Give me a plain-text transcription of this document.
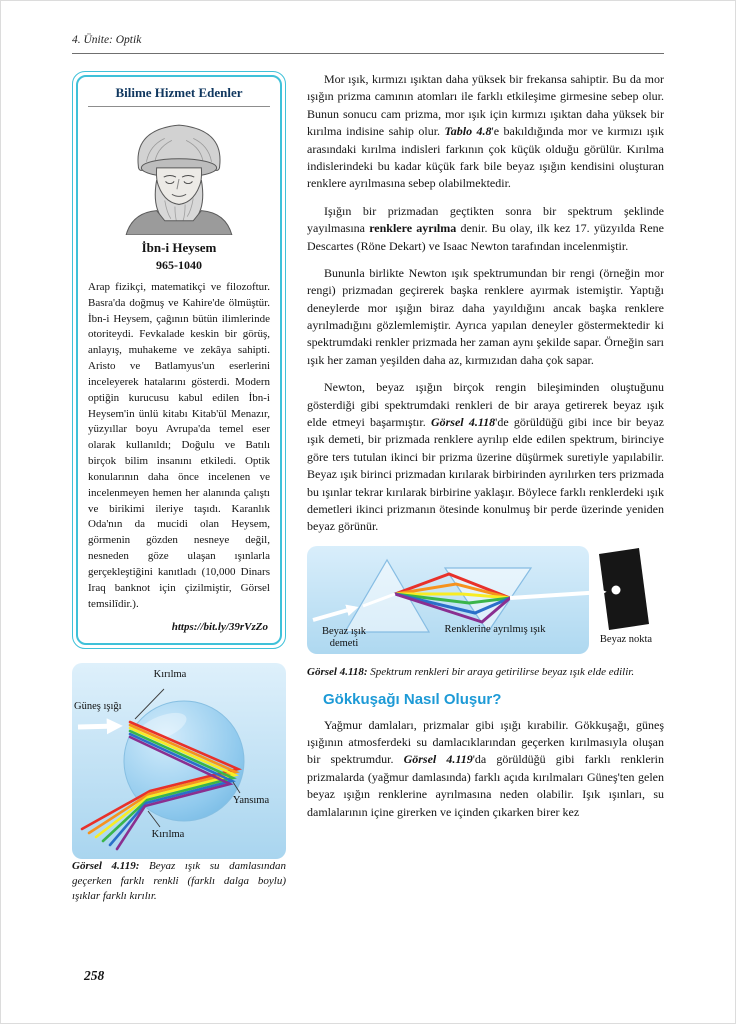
4. Ünite: Optik
Bilime Hizmet Edenler
İbn-i Heysem
965-1040
Arap fizikçi, matematikçi ve filozoftur. Basra'da doğmuş ve Kahire'de ölmüştür. İbn-i Heysem, çağının bütün ilimlerinde otoriteydi. Fevkalade keskin bir görüş, anlayış, muhakeme ve zekâya sahipti. Aristo ve Batlamyus'un eserlerini inceleyerek hatalarını gösterdi. Modern optiğin kurucusu kabul edilen İbn-i Heysem'in ünlü kitabı Kitab'ül Menazır, yüzyıllar boyu Avrupa'da temel eser olarak kullanıldı; Doğulu ve Batılı birçok bilim insanını etkiledi. Optik konularının daha önce incelenen ve incelenmeyen hemen her alanında çalıştı ve birikimi ileriye taşıdı. Karanlık Oda'nın da mucidi olan Heysem, görmenin gözden nesneye değil, nesneden göze ulaşan ışınlarla gerçekleştiğini kanıtladı (10,000 Dinars Iraq banknot için çizilmiştir, Görsel temsilîdir.).
https://bit.ly/39rVzZo
Kırılma
Güneş ışığı
Yansıma
Kırılma
Görsel 4.119: Beyaz ışık su damlasından geçerken farklı renkli (farklı dalga boylu) ışıklar farklı kırılır.

Mor ışık, kırmızı ışıktan daha yüksek bir frekansa sahiptir. Bu da mor ışığın prizma camının atomları ile farklı etkileşime girmesine sebep olur. Bunun sonucu cam prizma, mor ışık için kırmızı ışıktan daha yüksek bir kırılma indisine sahip olur. Tablo 4.8'e bakıldığında mor ve kırmızı ışık arasındaki kırılma indisleri farkının çok küçük olduğu görülür. Kırılma indislerindeki bu kadar küçük fark bile beyaz ışığın kendisini oluşturan renklere ayrılmasına sebep olabilmektedir.

Işığın bir prizmadan geçtikten sonra bir spektrum şeklinde yayılmasına renklere ayrılma denir. Bu olay, ilk kez 17. yüzyılda Rene Descartes (Röne Dekart) ve Isaac Newton tarafından incelenmiştir.

Bununla birlikte Newton ışık spektrumundan bir rengi (örneğin mor rengi) prizmadan geçirerek başka renklere ayırmak istemiştir. Yaptığı deneylerde mor ışığın biraz daha yayıldığını ancak başka renklere ayrılmadığını gözlemlemiştir. Ayrıca yapılan deneyler göstermektedir ki spektrumdaki renkler prizmada her zaman aynı şekilde sapar. Örneğin sarı ışık her zaman yeşilden daha az, kırmızıdan daha çok sapar.

Newton, beyaz ışığın birçok rengin bileşiminden oluştuğunu gösterdiği gibi spektrumdaki renkleri de bir araya getirerek beyaz ışık elde etmeyi başarmıştır. Görsel 4.118'de görüldüğü gibi ince bir beyaz ışık demeti, bir prizmada renklere ayrılıp elde edilen spektrum, birinciye göre ters tutulan ikinci bir prizma üzerine düşürmek suretiyle yapılabilir. Beyaz ışık birinci prizmadan kırılarak birbirinden ayrılırken ters prizmada bu ışınlar tekrar kırılarak birbirine yaklaşır. Böylece farklı renklerdeki ışık demetleri ikinci prizmanın ötesinde konulmuş bir perde üzerinde yeniden beyaz görünür.

Beyaz ışık demeti
Renklerine ayrılmış ışık
Beyaz nokta
Görsel 4.118: Spektrum renkleri bir araya getirilirse beyaz ışık elde edilir.
Gökkuşağı Nasıl Oluşur?

Yağmur damlaları, prizmalar gibi ışığı kırabilir. Gökkuşağı, güneş ışığının atmosferdeki su damlacıklarından geçerken kırılmasıyla oluşan bir spektrumdur. Görsel 4.119'da görüldüğü gibi farklı renklerin prizmalarda (yağmur damlasında) farklı açıda kırılmaları Güneş'ten gelen beyaz ışığın renklerine ayrılmasına neden olabilir. Işık ışınları, su damlalarının içine girerken ve içinden çıkarken birer kez

258
